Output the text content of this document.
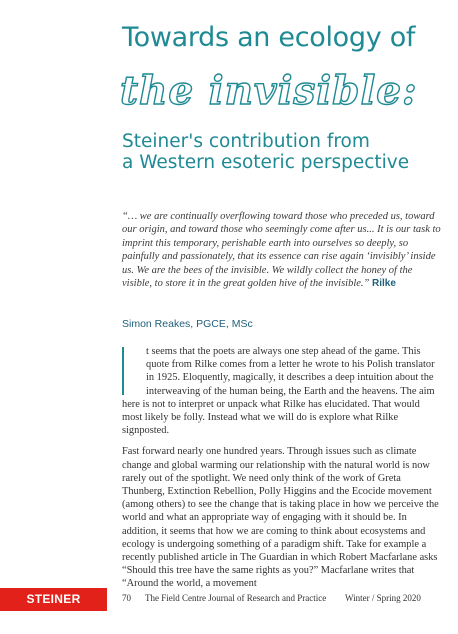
Towards an ecology of
the invisible:
Steiner's contribution from
a Western esoteric perspective
“… we are continually overflowing toward those who preceded us, toward our origin, and toward those who seemingly come after us... It is our task to imprint this temporary, perishable earth into ourselves so deeply, so painfully and passionately, that its essence can rise again ‘invisibly’ inside us. We are the bees of the invisible. We wildly collect the honey of the visible, to store it in the great golden hive of the invisible.” Rilke
Simon Reakes, PGCE, MSc

t seems that the poets are always one step ahead of the game. This quote from Rilke comes from a letter he wrote to his Polish translator in 1925. Eloquently, magically, it describes a deep intuition about the interweaving of the human being, the Earth and the heavens. The aim here is not to interpret or unpack what Rilke has elucidated. That would most likely be folly. Instead what we will do is explore what Rilke signposted.

Fast forward nearly one hundred years. Through issues such as climate change and global warming our relationship with the natural world is now rarely out of the spotlight. We need only think of the work of Greta Thunberg, Extinction Rebellion, Polly Higgins and the Ecocide movement (among others) to see the change that is taking place in how we perceive the world and what an appropriate way of engaging with it should be. In addition, it seems that how we are coming to think about ecosystems and ecology is undergoing something of a paradigm shift. Take for example a recently published article in The Guardian in which Robert Macfarlane asks “Should this tree have the same rights as you?” Macfarlane writes that “Around the world, a movement

STEINER RESEARCH
70 The Field Centre Journal of Research and Practice Winter / Spring 2020
